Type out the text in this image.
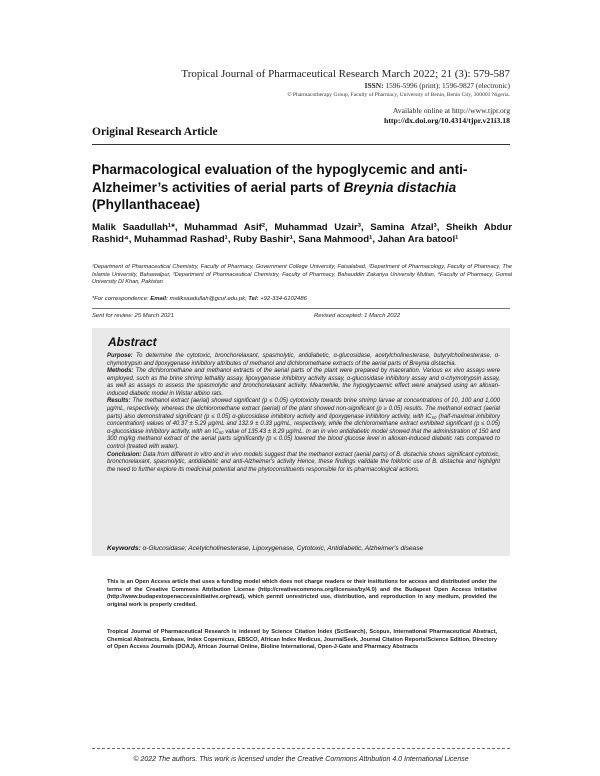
Tropical Journal of Pharmaceutical Research March 2022; 21 (3): 579-587
ISSN: 1596-5996 (print); 1596-9827 (electronic)
© Pharmacotherapy Group, Faculty of Pharmacy, University of Benin, Benin City, 300001 Nigeria.
Available online at http://www.tjpr.org
http://dx.doi.org/10.4314/tjpr.v21i3.18
Original Research Article
Pharmacological evaluation of the hypoglycemic and anti-Alzheimer’s activities of aerial parts of Breynia distachia (Phyllanthaceae)
Malik Saadullah¹*, Muhammad Asif², Muhammad Uzair³, Samina Afzal³, Sheikh Abdur Rashid⁴, Muhammad Rashad¹, Ruby Bashir¹, Sana Mahmood¹, Jahan Ara batool¹
¹Department of Pharmaceutical Chemistry, Faculty of Pharmacy, Government College University, Faisalabad, ²Department of Pharmacology, Faculty of Pharmacy, The Islamia University, Bahawalpur, ³Department of Pharmaceutical Chemistry, Faculty of Pharmacy, Bahauddin Zakariya University Multan, ⁴Faculty of Pharmacy, Gomal University DI Khan, Pakistan
*For correspondence: Email: maliksaadullah@gcuf.edu.pk; Tel: +92-334-6102486
Sent for review: 25 March 2021	Revised accepted: 1 March 2022
Abstract
Purpose: To determine the cytotoxic, bronchorelaxant, spasmolytic, antidiabetic, α-glucosidase, acetylcholinesterase, butyrylcholinesterase, α-chymotrypsin and lipoxygenase inhibitory attributes of methanol and dichloromethane extracts of the aerial parts of Breynia distachia.
Methods: The dichloromethane and methanol extracts of the aerial parts of the plant were prepared by maceration. Various ex vivo assays were employed, such as the brine shrimp lethality assay, lipoxygenase inhibitory activity assay, α-glucosidase inhibitory assay and α-chymotrypsin assay, as well as assays to assess the spasmolytic and bronchorelaxant activity. Meanwhile, the hypoglycaemic effect were analysed using an alloxan-induced diabetic model in Wistar albino rats.
Results: The methanol extract (aerial) showed significant (p ≤ 0.05) cytotoxicity towards brine shrimp larvae at concentrations of 10, 100 and 1,000 μg/mL, respectively, whereas the dichloromethane extract (aerial) of the plant showed non-significant (p ≥ 0.05) results. The methanol extract (aerial parts) also demonstrated significant (p ≤ 0.05) α-glucosidase inhibitory activity and lipoxygenase inhibitory activity, with IC₅₀ (half-maximal inhibitory concentration) values of 40.37 ± 5.29 μg/mL and 132.9 ± 0.33 μg/mL, respectively, while the dichloromethane extract exhibited significant (p ≤ 0.05) α-glucosidase inhibitory activity, with an IC₅₀ value of 135.43 ± 8.29 μg/mL. In an in vivo antidiabetic model showed that the administration of 150 and 300 mg/kg methanol extract of the aerial parts significantly (p ≤ 0.05) lowered the blood glucose level in alloxan-induced diabetic rats compared to control (treated with water).
Conclusion: Data from different in vitro and in vivo models suggest that the methanol extract (aerial parts) of B. distachia shows significant cytotoxic, bronchorelaxant, spasmolytic, antidiabetic and anti-Alzheimer's activity Hence, these findings validate the folkloric use of B. distachia and highlight the need to further explore its medicinal potential and the phytoconstituents responsible for its pharmacological actions.
Keywords: α-Glucosidase; Acetylcholinesterase, Lipoxygenase, Cytotoxic, Antidiabetic, Alzheimer's disease
This is an Open Access article that uses a funding model which does not charge readers or their institutions for access and distributed under the terms of the Creative Commons Attribution License (http://creativecommons.org/licenses/by/4.0) and the Budapest Open Access Initiative (http://www.budapestopenaccessinitiative.org/read), which permit unrestricted use, distribution, and reproduction in any medium, provided the original work is properly credited.
Tropical Journal of Pharmaceutical Research is indexed by Science Citation Index (SciSearch), Scopus, International Pharmaceutical Abstract, Chemical Abstracts, Embase, Index Copernicus, EBSCO, African Index Medicus, JournalSeek, Journal Citation Reports/Science Edition, Directory of Open Access Journals (DOAJ), African Journal Online, Bioline International, Open-J-Gate and Pharmacy Abstracts
© 2022 The authors. This work is licensed under the Creative Commons Attribution 4.0 International License
